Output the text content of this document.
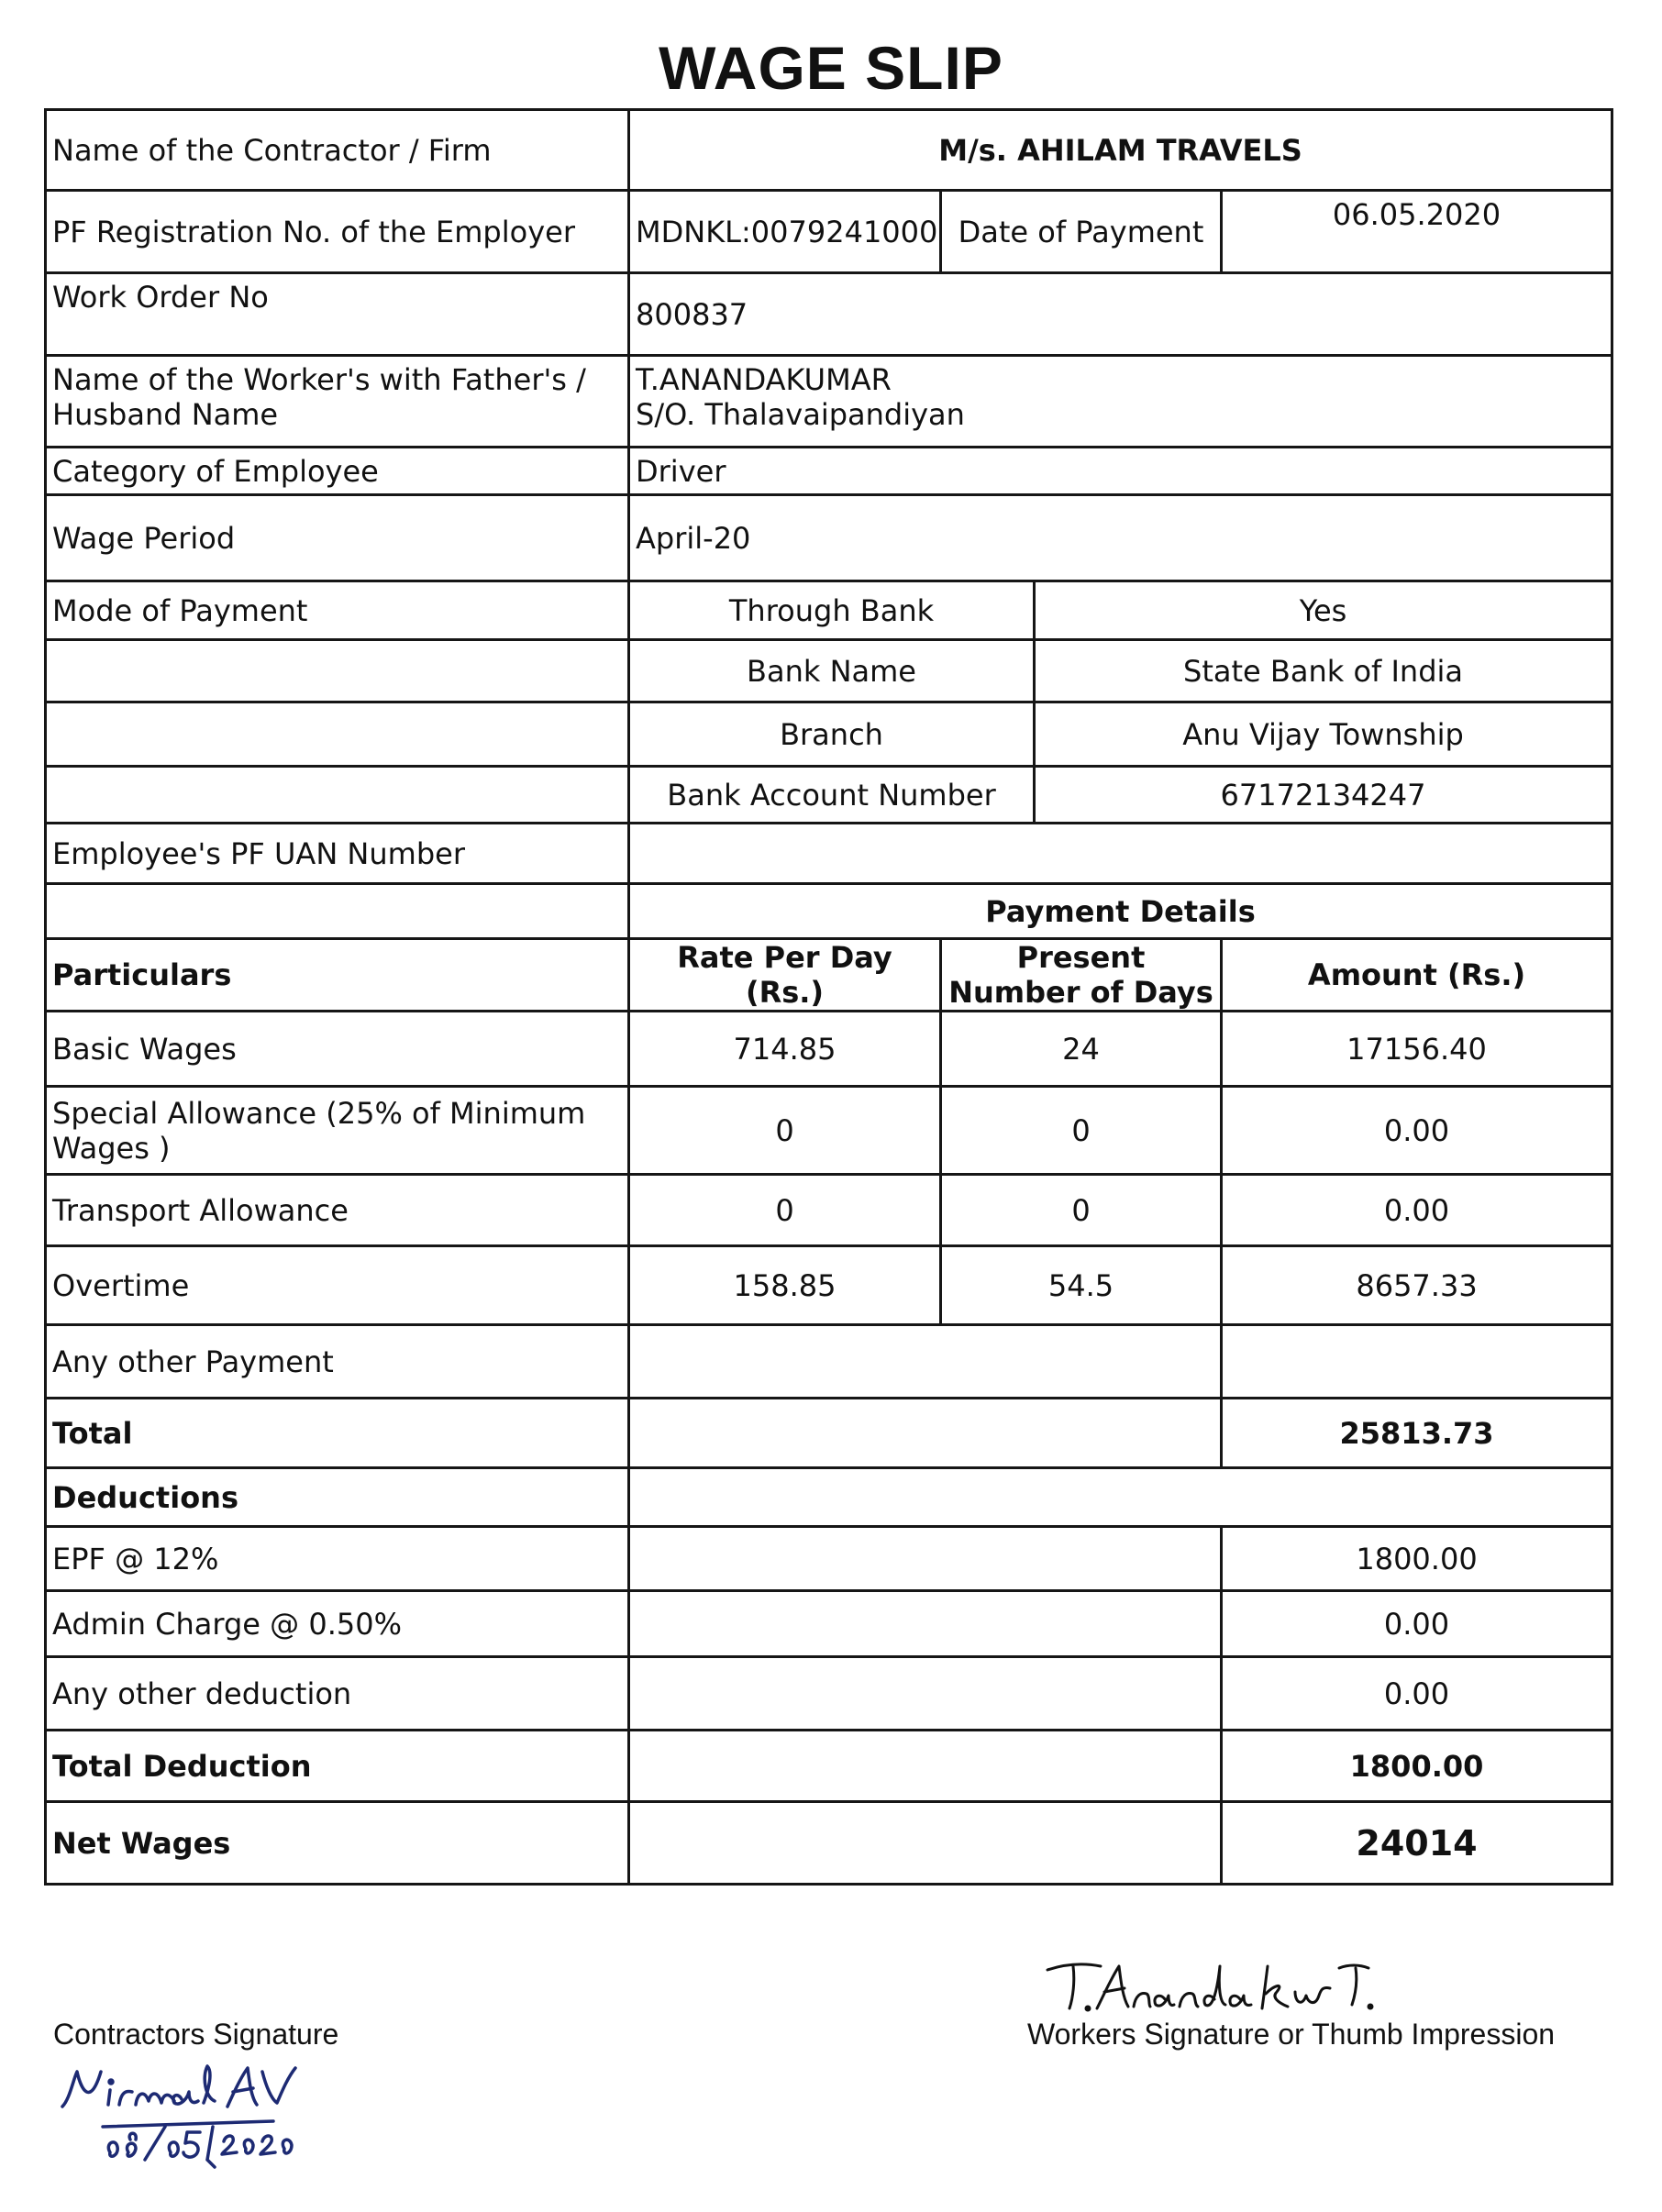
WAGE SLIP
Name of the Contractor / Firm	M/s. AHILAM TRAVELS			
PF Registration No. of the Employer	MDNKL:0079241000	Date of Payment		06.05.2020
Work Order No	800837			
Name of the Worker's with Father's / Husband Name	T.ANANDAKUMAR
S/O. Thalavaipandiyan			

Category of Employee	Driver			
Wage Period	April-20			
Mode of Payment	Through Bank		Yes	
	Bank Name		State Bank of India	
	Branch		Anu Vijay Township	
	Bank Account Number		67172134247	
Employee's PF UAN Number				
	Payment Details			
Particulars	Rate Per Day (Rs.)	Present Number of Days		Amount (Rs.)
Basic Wages	714.85	24		17156.40
Special Allowance (25% of Minimum Wages )	0	0		0.00
Transport Allowance	0	0		0.00
Overtime	158.85	54.5		8657.33
Any other Payment				
Total				25813.73
Deductions				
EPF @ 12%				1800.00
Admin Charge @ 0.50%				0.00
Any other deduction				0.00
Total Deduction				1800.00
Net Wages				24014
Contractors Signature	Workers Signature or Thumb Impression
